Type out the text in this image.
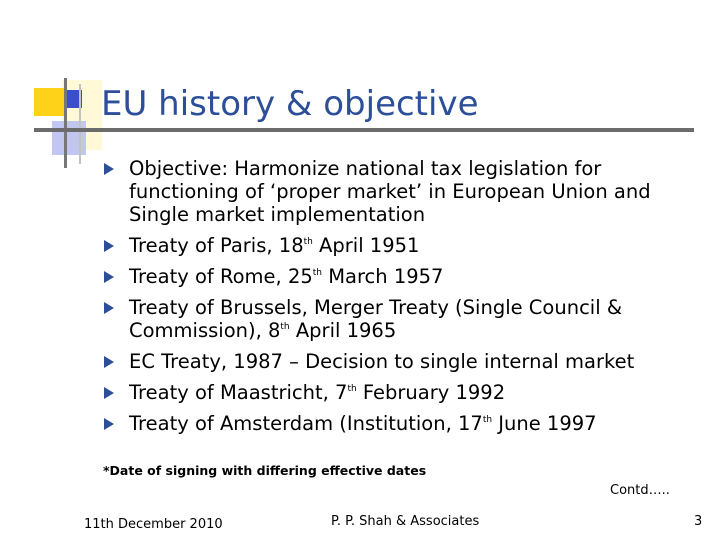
EU history & objective
Objective: Harmonize national tax legislation for functioning of ‘proper market’ in European Union and Single market implementation
Treaty of Paris, 18th April 1951
Treaty of Rome, 25th March 1957
Treaty of Brussels, Merger Treaty (Single Council & Commission), 8th April 1965
EC Treaty, 1987 – Decision to single internal market
Treaty of Maastricht, 7th February 1992
Treaty of Amsterdam (Institution, 17th June 1997
*Date of signing with differing effective dates
Contd…..
11th December 2010	P. P. Shah & Associates	3
